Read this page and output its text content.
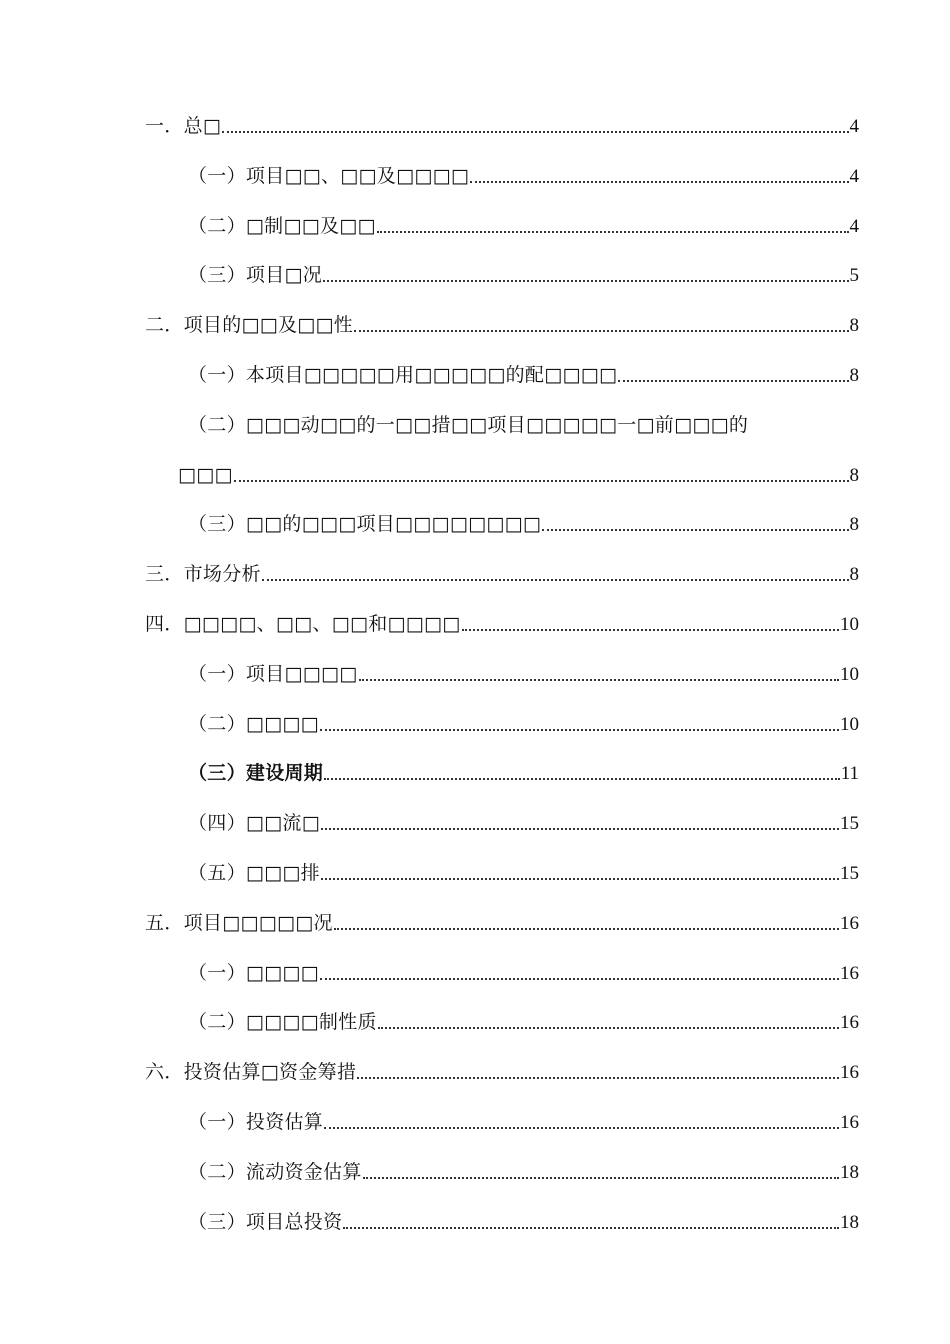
一．总□	4
（一）项目□□、□□及□□□□	4
（二）□制□□及□□	4
（三）项目□况	5
二．项目的□□及□□性	8
（一）本项目□□□□□用□□□□□的配□□□□	8
（二）□□□动□□的一□□措□□项目□□□□□一□前□□□的
□□□	8
（三）□□的□□□项目□□□□□□□□	8
三．市场分析	8
四．□□□□、□□、□□和□□□□	10
（一）项目□□□□	10
（二）□□□□	10
（三）建设周期	11
（四）□□流□	15
（五）□□□排	15
五．项目□□□□□况	16
（一）□□□□	16
（二）□□□□制性质	16
六．投资估算□资金筹措	16
（一）投资估算	16
（二）流动资金估算	18
（三）项目总投资	18
